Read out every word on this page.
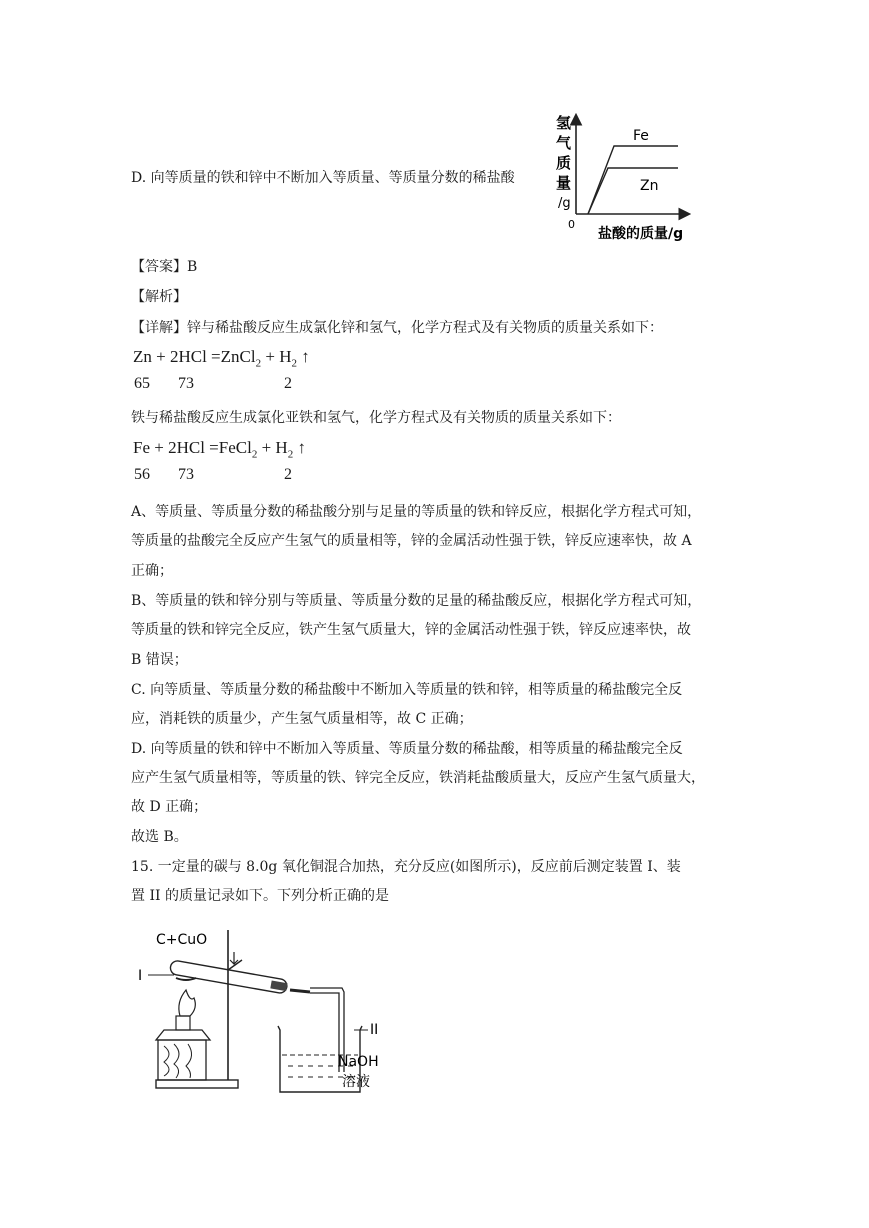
D. 向等质量的铁和锌中不断加入等质量、等质量分数的稀盐酸
氢
气
质
量
/g
0
Fe
Zn
盐酸的质量/g
【答案】B
【解析】
【详解】锌与稀盐酸反应生成氯化锌和氢气，化学方程式及有关物质的质量关系如下：
Zn + 2HCl =ZnCl$_2$ + $H_2$ ↑
65 73	2
铁与稀盐酸反应生成氯化亚铁和氢气，化学方程式及有关物质的质量关系如下：
Fe + 2HCl =FeCl$_2$ + $H_2$ ↑
56 73	2
A、等质量、等质量分数的稀盐酸分别与足量的等质量的铁和锌反应，根据化学方程式可知，
等质量的盐酸完全反应产生氢气的质量相等，锌的金属活动性强于铁，锌反应速率快，故 A
正确；
B、等质量的铁和锌分别与等质量、等质量分数的足量的稀盐酸反应，根据化学方程式可知，
等质量的铁和锌完全反应，铁产生氢气质量大，锌的金属活动性强于铁，锌反应速率快，故
B 错误；
C. 向等质量、等质量分数的稀盐酸中不断加入等质量的铁和锌，相等质量的稀盐酸完全反
应，消耗铁的质量少，产生氢气质量相等，故 C 正确；
D. 向等质量的铁和锌中不断加入等质量、等质量分数的稀盐酸，相等质量的稀盐酸完全反
应产生氢气质量相等，等质量的铁、锌完全反应，铁消耗盐酸质量大，反应产生氢气质量大，
故 D 正确；
故选 B。
15. 一定量的碳与 8.0g 氧化铜混合加热，充分反应(如图所示)，反应前后测定装置 I、装
置 II 的质量记录如下。下列分析正确的是
C+CuO
I
II
NaOH
溶液
